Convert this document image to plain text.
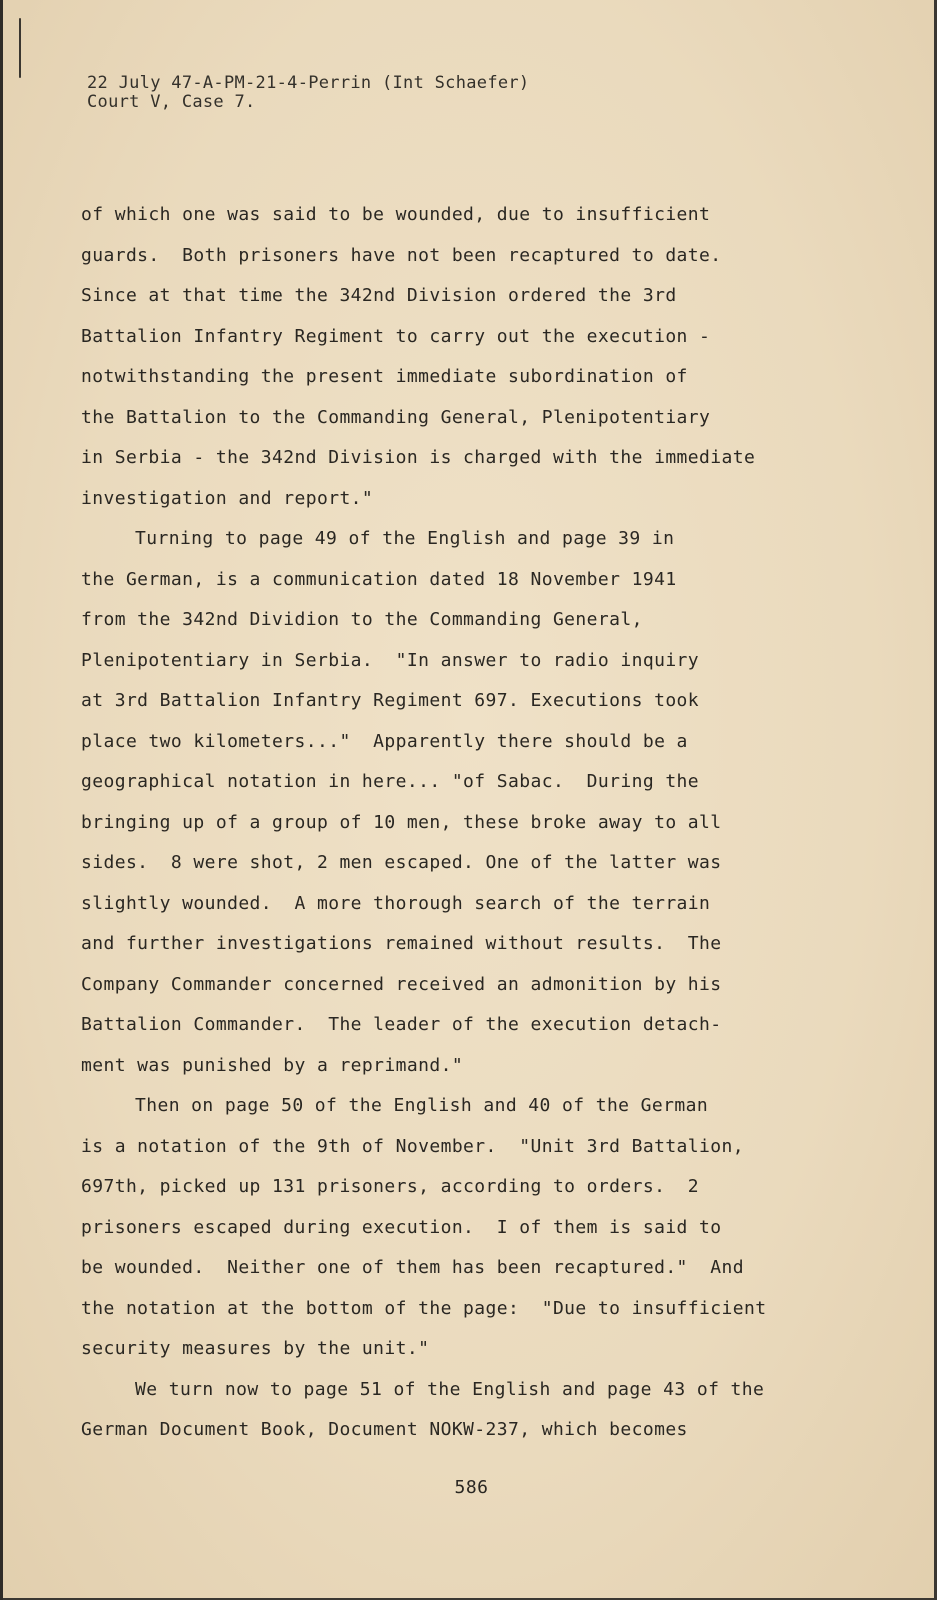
22 July 47-A-PM-21-4-Perrin (Int Schaefer)
Court V, Case 7.
of which one was said to be wounded, due to insufficient
guards.  Both prisoners have not been recaptured to date.
Since at that time the 342nd Division ordered the 3rd
Battalion Infantry Regiment to carry out the execution -
notwithstanding the present immediate subordination of
the Battalion to the Commanding General, Plenipotentiary
in Serbia - the 342nd Division is charged with the immediate
investigation and report."
Turning to page 49 of the English and page 39 in
the German, is a communication dated 18 November 1941
from the 342nd Dividion to the Commanding General,
Plenipotentiary in Serbia.  "In answer to radio inquiry
at 3rd Battalion Infantry Regiment 697. Executions took
place two kilometers..."  Apparently there should be a
geographical notation in here... "of Sabac.  During the
bringing up of a group of 10 men, these broke away to all
sides.  8 were shot, 2 men escaped. One of the latter was
slightly wounded.  A more thorough search of the terrain
and further investigations remained without results.  The
Company Commander concerned received an admonition by his
Battalion Commander.  The leader of the execution detach-
ment was punished by a reprimand."
Then on page 50 of the English and 40 of the German
is a notation of the 9th of November.  "Unit 3rd Battalion,
697th, picked up 131 prisoners, according to orders.  2
prisoners escaped during execution.  I of them is said to
be wounded.  Neither one of them has been recaptured."  And
the notation at the bottom of the page:  "Due to insufficient
security measures by the unit."
We turn now to page 51 of the English and page 43 of the
German Document Book, Document NOKW-237, which becomes
586
